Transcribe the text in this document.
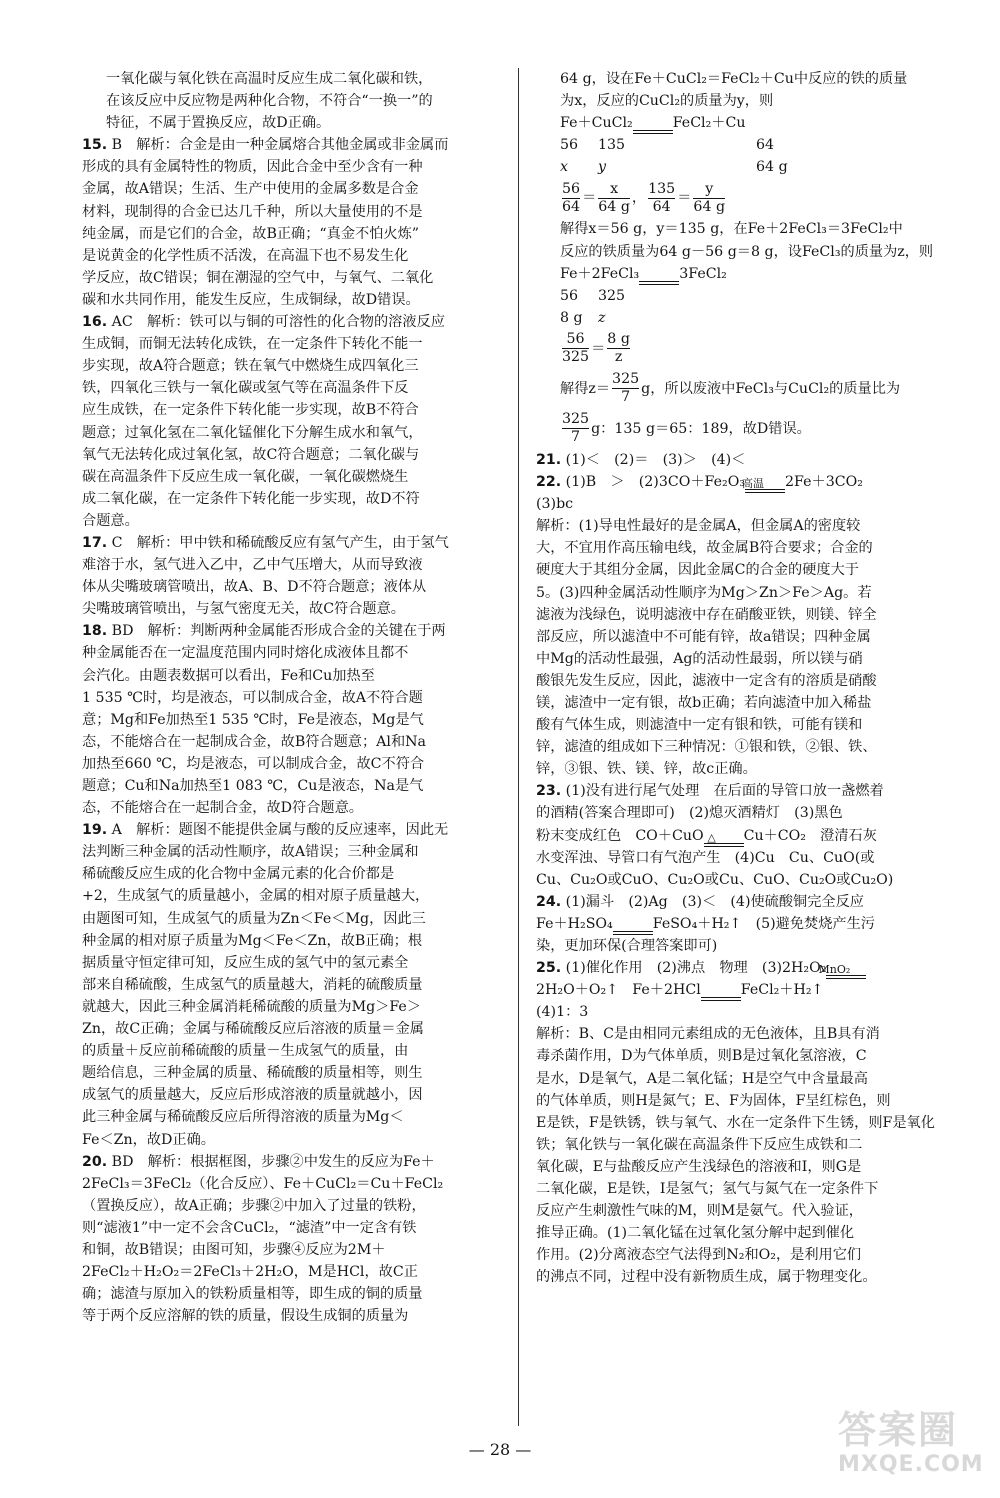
一氧化碳与氧化铁在高温时反应生成二氧化碳和铁，

在该反应中反应物是两种化合物，不符合“一换一”的

特征，不属于置换反应，故D正确。

15. B　解析：合金是由一种金属熔合其他金属或非金属而

形成的具有金属特性的物质，因此合金中至少含有一种

金属，故A错误；生活、生产中使用的金属多数是合金

材料，现制得的合金已达几千种，所以大量使用的不是

纯金属，而是它们的合金，故B正确；“真金不怕火炼”

是说黄金的化学性质不活泼，在高温下也不易发生化

学反应，故C错误；铜在潮湿的空气中，与氧气、二氧化

碳和水共同作用，能发生反应，生成铜绿，故D错误。

16. AC　解析：铁可以与铜的可溶性的化合物的溶液反应

生成铜，而铜无法转化成铁，在一定条件下转化不能一

步实现，故A符合题意；铁在氧气中燃烧生成四氧化三

铁，四氧化三铁与一氧化碳或氢气等在高温条件下反

应生成铁，在一定条件下转化能一步实现，故B不符合

题意；过氧化氢在二氧化锰催化下分解生成水和氧气，

氧气无法转化成过氧化氢，故C符合题意；二氧化碳与

碳在高温条件下反应生成一氧化碳，一氧化碳燃烧生

成二氧化碳，在一定条件下转化能一步实现，故D不符

合题意。

17. C　解析：甲中铁和稀硫酸反应有氢气产生，由于氢气

难溶于水，氢气进入乙中，乙中气压增大，从而导致液

体从尖嘴玻璃管喷出，故A、B、D不符合题意；液体从

尖嘴玻璃管喷出，与氢气密度无关，故C符合题意。

18. BD　解析：判断两种金属能否形成合金的关键在于两

种金属能否在一定温度范围内同时熔化成液体且都不

会汽化。由题表数据可以看出，Fe和Cu加热至

1 535 ℃时，均是液态，可以制成合金，故A不符合题

意；Mg和Fe加热至1 535 ℃时，Fe是液态，Mg是气

态，不能熔合在一起制成合金，故B符合题意；Al和Na

加热至660 ℃，均是液态，可以制成合金，故C不符合

题意；Cu和Na加热至1 083 ℃，Cu是液态，Na是气

态，不能熔合在一起制合金，故D符合题意。

19. A　解析：题图不能提供金属与酸的反应速率，因此无

法判断三种金属的活动性顺序，故A错误；三种金属和

稀硫酸反应生成的化合物中金属元素的化合价都是

+2，生成氢气的质量越小，金属的相对原子质量越大，

由题图可知，生成氢气的质量为Zn＜Fe＜Mg，因此三

种金属的相对原子质量为Mg＜Fe＜Zn，故B正确；根

据质量守恒定律可知，反应生成的氢气中的氢元素全

部来自稀硫酸，生成氢气的质量越大，消耗的硫酸质量

就越大，因此三种金属消耗稀硫酸的质量为Mg＞Fe＞

Zn，故C正确；金属与稀硫酸反应后溶液的质量＝金属

的质量＋反应前稀硫酸的质量－生成氢气的质量，由

题给信息，三种金属的质量、稀硫酸的质量相等，则生

成氢气的质量越大，反应后形成溶液的质量就越小，因

此三种金属与稀硫酸反应后所得溶液的质量为Mg＜

Fe＜Zn，故D正确。

20. BD　解析：根据框图，步骤②中发生的反应为Fe＋

2FeCl₃＝3FeCl₂（化合反应）、Fe＋CuCl₂＝Cu＋FeCl₂

（置换反应），故A正确；步骤②中加入了过量的铁粉，

则“滤液1”中一定不会含CuCl₂，“滤渣”中一定含有铁

和铜，故B错误；由图可知，步骤④反应为2M＋

2FeCl₂＋H₂O₂＝2FeCl₃＋2H₂O，M是HCl，故C正

确；滤渣与原加入的铁粉质量相等，即生成的铜的质量

等于两个反应溶解的铁的质量，假设生成铜的质量为

64 g，设在Fe＋CuCl₂＝FeCl₂＋Cu中反应的铁的质量

为x，反应的CuCl₂的质量为y，则

Fe＋CuCl₂	FeCl₂＋Cu

56 135	64

x y	64 g

$\frac{56}{64} = \frac{x}{64 g}$ ， $\frac{135}{64} = \frac{y}{64 g}$

解得x＝56 g，y＝135 g，在Fe＋2FeCl₃＝3FeCl₂中

反应的铁质量为64 g－56 g＝8 g，设FeCl₃的质量为z，则

Fe＋2FeCl₃	3FeCl₂

56 325

8 g z

$\frac{56}{325} = \frac{8 g}{z}$

解得$z= \frac{325}{7}$ g，所以废液中FeCl₃与CuCl₂的质量比为

$\frac{325}{7}$ g：135 g＝65：189，故D错误。

21. (1)＜　(2)＝　(3)＞　(4)＜
22. (1)B　＞　(2)3CO＋Fe₂O₃
高温	2Fe＋3CO₂

(3)bc

解析：(1)导电性最好的是金属A，但金属A的密度较

大，不宜用作高压输电线，故金属B符合要求；合金的

硬度大于其组分金属，因此金属C的合金的硬度大于

5。(3)四种金属活动性顺序为Mg＞Zn＞Fe＞Ag。若

滤液为浅绿色，说明滤液中存在硝酸亚铁，则镁、锌全

部反应，所以滤渣中不可能有锌，故a错误；四种金属

中Mg的活动性最强，Ag的活动性最弱，所以镁与硝

酸银先发生反应，因此，滤液中一定含有的溶质是硝酸

镁，滤渣中一定有银，故b正确；若向滤渣中加入稀盐

酸有气体生成，则滤渣中一定有银和铁，可能有镁和

锌，滤渣的组成如下三种情况：①银和铁，②银、铁、

锌，③银、铁、镁、锌，故c正确。

23. (1)没有进行尾气处理　在后面的导管口放一盏燃着

的酒精(答案合理即可)　(2)熄灭酒精灯　(3)黑色

粉末变成红色　CO＋CuO △	Cu＋CO₂　澄清石灰

水变浑浊、导管口有气泡产生　(4)Cu　Cu、CuO(或

Cu、Cu₂O或CuO、Cu₂O或Cu、CuO、Cu₂O或Cu₂O)

24. (1)漏斗　(2)Ag　(3)＜　(4)使硫酸铜完全反应

Fe＋H₂SO₄	FeSO₄＋H₂↑　(5)避免焚烧产生污

染，更加环保(合理答案即可)

25. (1)催化作用　(2)沸点　物理　(3)2H₂O₂
MnO₂

2H₂O＋O₂↑　Fe＋2HCl	FeCl₂＋H₂↑

(4)1：3

解析：B、C是由相同元素组成的无色液体，且B具有消

毒杀菌作用，D为气体单质，则B是过氧化氢溶液，C

是水，D是氧气，A是二氧化锰；H是空气中含量最高

的气体单质，则H是氮气；E、F为固体，F呈红棕色，则

E是铁，F是铁锈，铁与氧气、水在一定条件下生锈，则F是氧化

铁；氧化铁与一氧化碳在高温条件下反应生成铁和二

氧化碳，E与盐酸反应产生浅绿色的溶液和I，则G是

二氧化碳，E是铁，I是氢气；氢气与氮气在一定条件下

反应产生刺激性气味的M，则M是氨气。代入验证，

推导正确。(1)二氧化锰在过氧化氢分解中起到催化

作用。(2)分离液态空气法得到N₂和O₂，是利用它们

的沸点不同，过程中没有新物质生成，属于物理变化。

— 28 —	答案圈
MXQE.COM
